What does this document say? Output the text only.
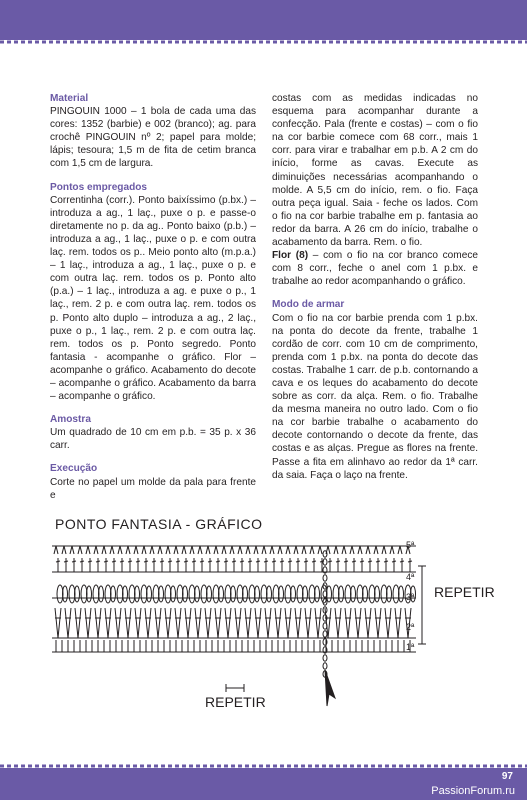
Material

PINGOUIN 1000 – 1 bola de cada uma das cores: 1352 (barbie) e 002 (branco); ag. para crochê PINGOUIN nº 2; papel para molde; lápis; tesoura; 1,5 m de fita de cetim branca com 1,5 cm de largura.

Pontos empregados

Correntinha (corr.). Ponto baixíssimo (p.bx.) – introduza a ag., 1 laç., puxe o p. e passe-o diretamente no p. da ag.. Ponto baixo (p.b.) – introduza a ag., 1 laç., puxe o p. e com outra laç. rem. todos os p.. Meio ponto alto (m.p.a.) – 1 laç., introduza a ag., 1 laç., puxe o p. e com outra laç. rem. todos os p. Ponto alto (p.a.) – 1 laç., introduza a ag. e puxe o p., 1 laç., rem. 2 p. e com outra laç. rem. todos os p. Ponto alto duplo – introduza a ag., 2 laç., puxe o p., 1 laç., rem. 2 p. e com outra laç. rem. todos os p. Ponto segredo. Ponto fantasia - acompanhe o gráfico. Flor – acompanhe o gráfico. Acabamento do decote – acompanhe o gráfico. Acabamento da barra – acompanhe o gráfico.

Amostra

Um quadrado de 10 cm em p.b. = 35 p. x 36 carr.

Execução

Corte no papel um molde da pala para frente e

costas com as medidas indicadas no esquema para acompanhar durante a confecção. Pala (frente e costas) – com o fio na cor barbie comece com 68 corr., mais 1 corr. para virar e trabalhar em p.b. A 2 cm do início, forme as cavas. Execute as diminuições necessárias acompanhando o molde. A 5,5 cm do início, rem. o fio. Faça outra peça igual. Saia - feche os lados. Com o fio na cor barbie trabalhe em p. fantasia ao redor da barra. A 26 cm do início, trabalhe o acabamento da barra. Rem. o fio.

Flor (8) – com o fio na cor branco comece com 8 corr., feche o anel com 1 p.bx. e trabalhe ao redor acompanhando o gráfico.

Modo de armar

Com o fio na cor barbie prenda com 1 p.bx. na ponta do decote da frente, trabalhe 1 cordão de corr. com 10 cm de comprimento, prenda com 1 p.bx. na ponta do decote das costas. Trabalhe 1 carr. de p.b. contornando a cava e os leques do acabamento do decote sobre as corr. da alça. Rem. o fio. Trabalhe da mesma maneira no outro lado. Com o fio na cor barbie trabalhe o acabamento do decote contornando o decote da frente, das costas e as alças. Pregue as flores na frente. Passe a fita em alinhavo ao redor da 1ª carr. da saia. Faça o laço na frente.

PONTO FANTASIA - GRÁFICO
5ª
4ª
3ª
2ª
1ª
REPETIR
REPETIR
97
PassionForum.ru
